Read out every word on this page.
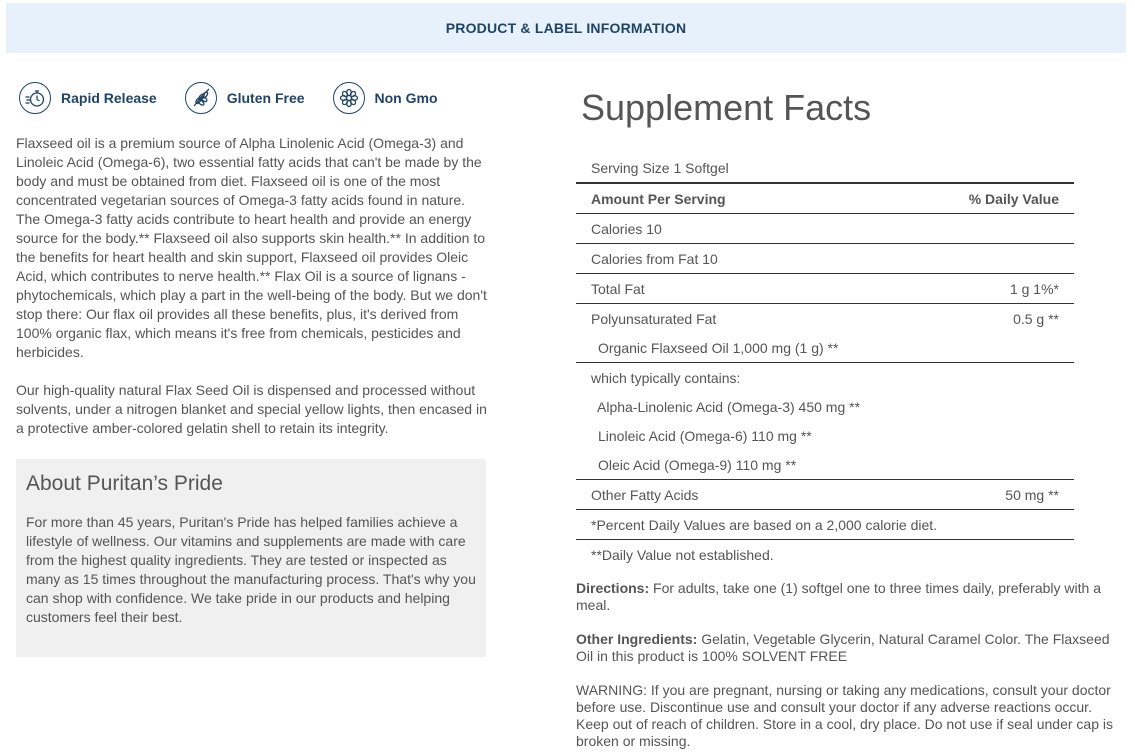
PRODUCT & LABEL INFORMATION
Rapid Release	Gluten Free	Non Gmo

Flaxseed oil is a premium source of Alpha Linolenic Acid (Omega-3) and Linoleic Acid (Omega-6), two essential fatty acids that can't be made by the body and must be obtained from diet. Flaxseed oil is one of the most concentrated vegetarian sources of Omega-3 fatty acids found in nature. The Omega-3 fatty acids contribute to heart health and provide an energy source for the body.** Flaxseed oil also supports skin health.** In addition to the benefits for heart health and skin support, Flaxseed oil provides Oleic Acid, which contributes to nerve health.** Flax Oil is a source of lignans - phytochemicals, which play a part in the well-being of the body. But we don't stop there: Our flax oil provides all these benefits, plus, it's derived from 100% organic flax, which means it's free from chemicals, pesticides and herbicides.

Our high-quality natural Flax Seed Oil is dispensed and processed without solvents, under a nitrogen blanket and special yellow lights, then encased in a protective amber-colored gelatin shell to retain its integrity.

About Puritan’s Pride
For more than 45 years, Puritan's Pride has helped families achieve a lifestyle of wellness. Our vitamins and supplements are made with care from the highest quality ingredients. They are tested or inspected as many as 15 times throughout the manufacturing process. That's why you can shop with confidence. We take pride in our products and helping customers feel their best.
Supplement Facts
Serving Size 1 Softgel
Amount Per Serving	% Daily Value
Calories 10
Calories from Fat 10
Total Fat	1 g 1%*
Polyunsaturated Fat	0.5 g **
Organic Flaxseed Oil 1,000 mg (1 g) **
which typically contains:
Alpha-Linolenic Acid (Omega-3) 450 mg **
Linoleic Acid (Omega-6) 110 mg **
Oleic Acid (Omega-9) 110 mg **
Other Fatty Acids	50 mg **
*Percent Daily Values are based on a 2,000 calorie diet.
**Daily Value not established.
Directions: For adults, take one (1) softgel one to three times daily, preferably with a meal.
Other Ingredients: Gelatin, Vegetable Glycerin, Natural Caramel Color. The Flaxseed Oil in this product is 100% SOLVENT FREE
WARNING: If you are pregnant, nursing or taking any medications, consult your doctor before use. Discontinue use and consult your doctor if any adverse reactions occur. Keep out of reach of children. Store in a cool, dry place. Do not use if seal under cap is broken or missing.
